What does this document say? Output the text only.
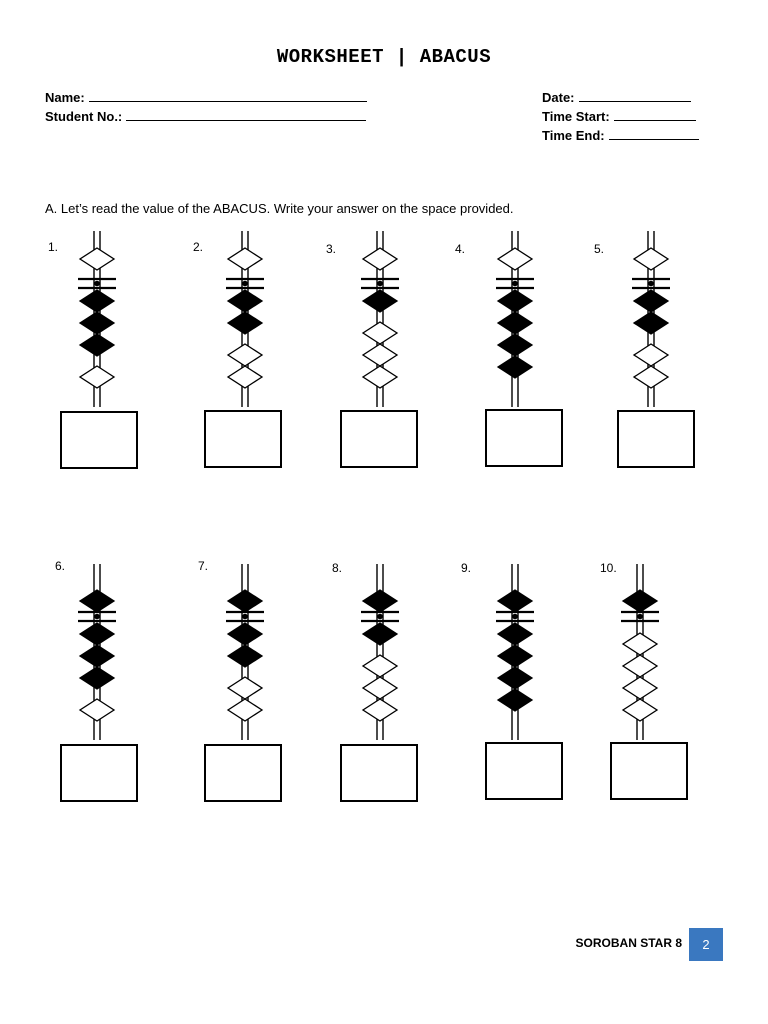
WORKSHEET | ABACUS
Name:
Student No.:
Date:
Time Start:
Time End:
A. Let’s read the value of the ABACUS. Write your answer on the space provided.
1.	2.	3.	4.	5.
6.	7.	8.	9.	10.
SOROBAN STAR 8	2
